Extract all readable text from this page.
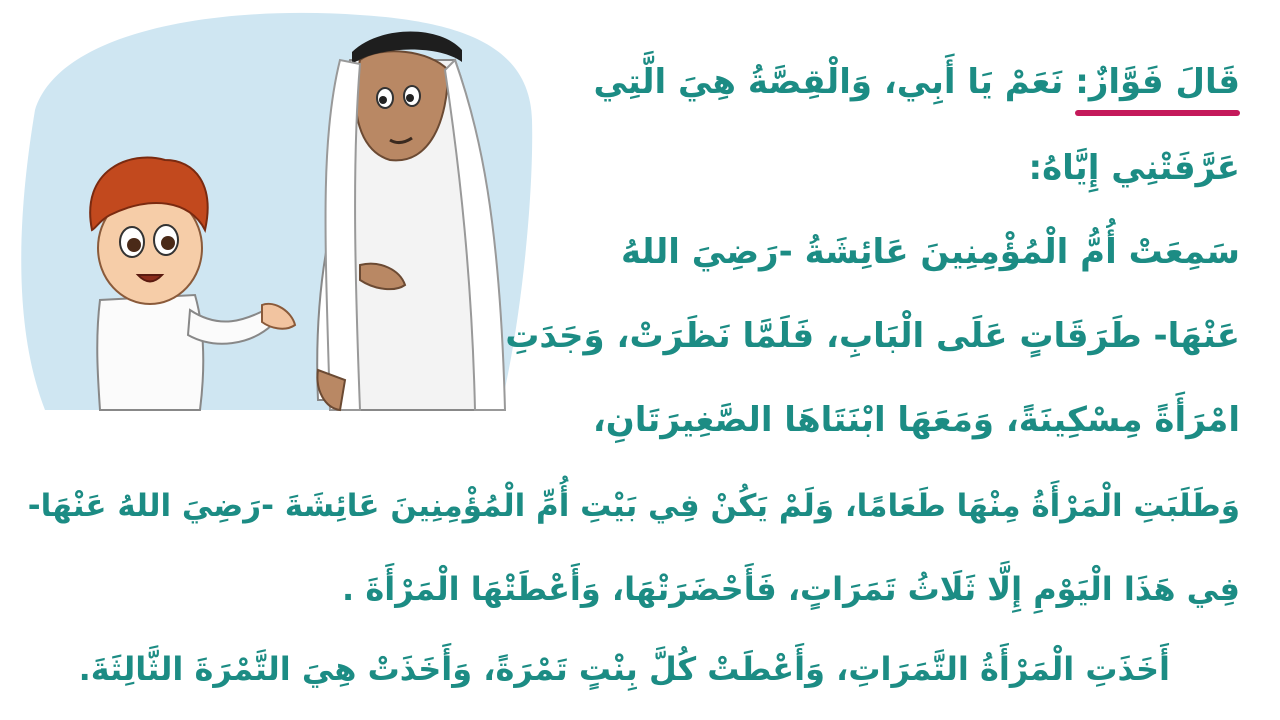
قَالَ فَوَّازٌ:
نَعَمْ يَا أَبِي، وَالْقِصَّةُ هِيَ الَّتِي
عَرَّفَتْنِي إِيَّاهُ:
سَمِعَتْ أُمُّ الْمُؤْمِنِينَ عَائِشَةُ -رَضِيَ اللهُ
عَنْهَا- طَرَقَاتٍ عَلَى الْبَابِ، فَلَمَّا نَظَرَتْ، وَجَدَتِ
امْرَأَةً مِسْكِينَةً، وَمَعَهَا ابْنَتَاهَا الصَّغِيرَتَانِ،
وَطَلَبَتِ الْمَرْأَةُ مِنْهَا طَعَامًا، وَلَمْ يَكُنْ فِي بَيْتِ أُمِّ الْمُؤْمِنِينَ عَائِشَةَ -رَضِيَ اللهُ عَنْهَا-
فِي هَذَا الْيَوْمِ إِلَّا ثَلَاثُ تَمَرَاتٍ، فَأَحْضَرَتْهَا، وَأَعْطَتْهَا الْمَرْأَةَ .
أَخَذَتِ الْمَرْأَةُ التَّمَرَاتِ، وَأَعْطَتْ كُلَّ بِنْتٍ تَمْرَةً، وَأَخَذَتْ هِيَ التَّمْرَةَ الثَّالِثَةَ.
